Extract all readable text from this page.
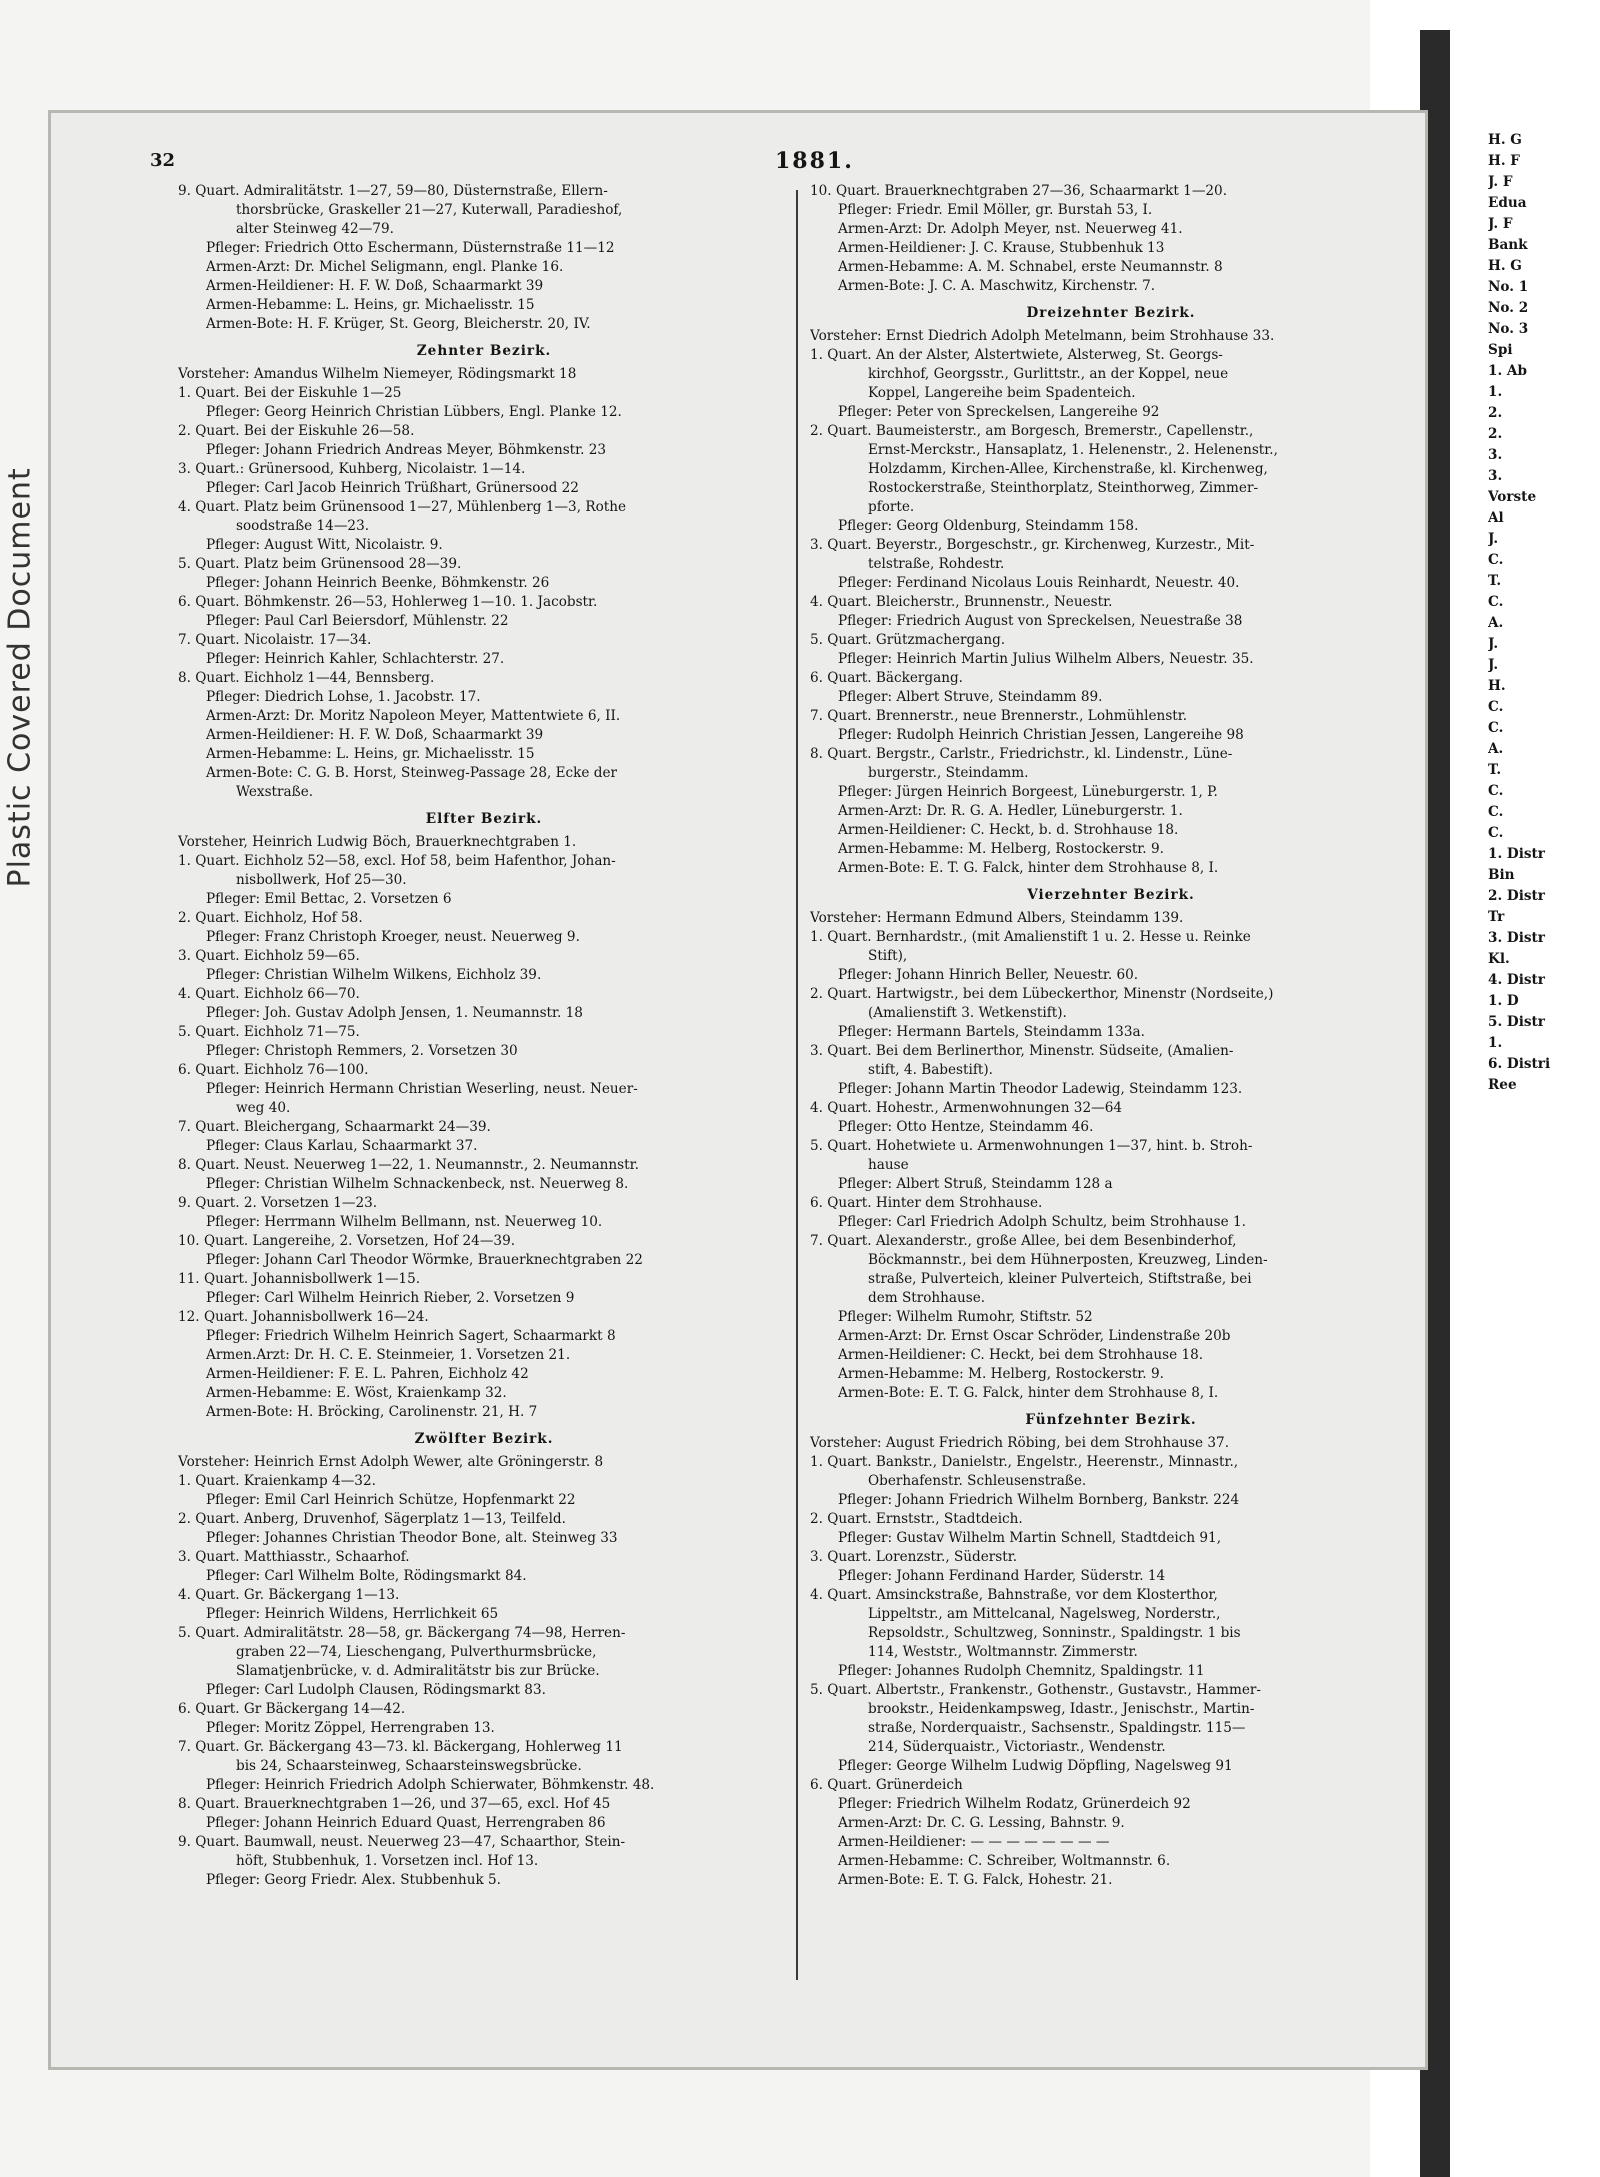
Plastic Covered Document
32	1881.
9. Quart. Admiralitätstr. 1—27, 59—80, Düsternstraße, Ellern-
thorsbrücke, Graskeller 21—27, Kuterwall, Paradieshof,
alter Steinweg 42—79.
Pfleger: Friedrich Otto Eschermann, Düsternstraße 11—12
Armen-Arzt: Dr. Michel Seligmann, engl. Planke 16.
Armen-Heildiener: H. F. W. Doß, Schaarmarkt 39
Armen-Hebamme: L. Heins, gr. Michaelisstr. 15
Armen-Bote: H. F. Krüger, St. Georg, Bleicherstr. 20, IV.
Zehnter Bezirk.
Vorsteher: Amandus Wilhelm Niemeyer, Rödingsmarkt 18
1. Quart. Bei der Eiskuhle 1—25
Pfleger: Georg Heinrich Christian Lübbers, Engl. Planke 12.
2. Quart. Bei der Eiskuhle 26—58.
Pfleger: Johann Friedrich Andreas Meyer, Böhmkenstr. 23
3. Quart.: Grünersood, Kuhberg, Nicolaistr. 1—14.
Pfleger: Carl Jacob Heinrich Trüßhart, Grünersood 22
4. Quart. Platz beim Grünensood 1—27, Mühlenberg 1—3, Rothe
soodstraße 14—23.
Pfleger: August Witt, Nicolaistr. 9.
5. Quart. Platz beim Grünensood 28—39.
Pfleger: Johann Heinrich Beenke, Böhmkenstr. 26
6. Quart. Böhmkenstr. 26—53, Hohlerweg 1—10. 1. Jacobstr.
Pfleger: Paul Carl Beiersdorf, Mühlenstr. 22
7. Quart. Nicolaistr. 17—34.
Pfleger: Heinrich Kahler, Schlachterstr. 27.
8. Quart. Eichholz 1—44, Bennsberg.
Pfleger: Diedrich Lohse, 1. Jacobstr. 17.
Armen-Arzt: Dr. Moritz Napoleon Meyer, Mattentwiete 6, II.
Armen-Heildiener: H. F. W. Doß, Schaarmarkt 39
Armen-Hebamme: L. Heins, gr. Michaelisstr. 15
Armen-Bote: C. G. B. Horst, Steinweg-Passage 28, Ecke der
Wexstraße.
Elfter Bezirk.
Vorsteher, Heinrich Ludwig Böch, Brauerknechtgraben 1.
1. Quart. Eichholz 52—58, excl. Hof 58, beim Hafenthor, Johan-
nisbollwerk, Hof 25—30.
Pfleger: Emil Bettac, 2. Vorsetzen 6
2. Quart. Eichholz, Hof 58.
Pfleger: Franz Christoph Kroeger, neust. Neuerweg 9.
3. Quart. Eichholz 59—65.
Pfleger: Christian Wilhelm Wilkens, Eichholz 39.
4. Quart. Eichholz 66—70.
Pfleger: Joh. Gustav Adolph Jensen, 1. Neumannstr. 18
5. Quart. Eichholz 71—75.
Pfleger: Christoph Remmers, 2. Vorsetzen 30
6. Quart. Eichholz 76—100.
Pfleger: Heinrich Hermann Christian Weserling, neust. Neuer-
weg 40.
7. Quart. Bleichergang, Schaarmarkt 24—39.
Pfleger: Claus Karlau, Schaarmarkt 37.
8. Quart. Neust. Neuerweg 1—22, 1. Neumannstr., 2. Neumannstr.
Pfleger: Christian Wilhelm Schnackenbeck, nst. Neuerweg 8.
9. Quart. 2. Vorsetzen 1—23.
Pfleger: Herrmann Wilhelm Bellmann, nst. Neuerweg 10.
10. Quart. Langereihe, 2. Vorsetzen, Hof 24—39.
Pfleger: Johann Carl Theodor Wörmke, Brauerknechtgraben 22
11. Quart. Johannisbollwerk 1—15.
Pfleger: Carl Wilhelm Heinrich Rieber, 2. Vorsetzen 9
12. Quart. Johannisbollwerk 16—24.
Pfleger: Friedrich Wilhelm Heinrich Sagert, Schaarmarkt 8
Armen.Arzt: Dr. H. C. E. Steinmeier, 1. Vorsetzen 21.
Armen-Heildiener: F. E. L. Pahren, Eichholz 42
Armen-Hebamme: E. Wöst, Kraienkamp 32.
Armen-Bote: H. Bröcking, Carolinenstr. 21, H. 7
Zwölfter Bezirk.
Vorsteher: Heinrich Ernst Adolph Wewer, alte Gröningerstr. 8
1. Quart. Kraienkamp 4—32.
Pfleger: Emil Carl Heinrich Schütze, Hopfenmarkt 22
2. Quart. Anberg, Druvenhof, Sägerplatz 1—13, Teilfeld.
Pfleger: Johannes Christian Theodor Bone, alt. Steinweg 33
3. Quart. Matthiasstr., Schaarhof.
Pfleger: Carl Wilhelm Bolte, Rödingsmarkt 84.
4. Quart. Gr. Bäckergang 1—13.
Pfleger: Heinrich Wildens, Herrlichkeit 65
5. Quart. Admiralitätstr. 28—58, gr. Bäckergang 74—98, Herren-
graben 22—74, Lieschengang, Pulverthurmsbrücke,
Slamatjenbrücke, v. d. Admiralitätstr bis zur Brücke.
Pfleger: Carl Ludolph Clausen, Rödingsmarkt 83.
6. Quart. Gr Bäckergang 14—42.
Pfleger: Moritz Zöppel, Herrengraben 13.
7. Quart. Gr. Bäckergang 43—73. kl. Bäckergang, Hohlerweg 11
bis 24, Schaarsteinweg, Schaarsteinswegsbrücke.
Pfleger: Heinrich Friedrich Adolph Schierwater, Böhmkenstr. 48.
8. Quart. Brauerknechtgraben 1—26, und 37—65, excl. Hof 45
Pfleger: Johann Heinrich Eduard Quast, Herrengraben 86
9. Quart. Baumwall, neust. Neuerweg 23—47, Schaarthor, Stein-
höft, Stubbenhuk, 1. Vorsetzen incl. Hof 13.
Pfleger: Georg Friedr. Alex. Stubbenhuk 5.
10. Quart. Brauerknechtgraben 27—36, Schaarmarkt 1—20.
Pfleger: Friedr. Emil Möller, gr. Burstah 53, I.
Armen-Arzt: Dr. Adolph Meyer, nst. Neuerweg 41.
Armen-Heildiener: J. C. Krause, Stubbenhuk 13
Armen-Hebamme: A. M. Schnabel, erste Neumannstr. 8
Armen-Bote: J. C. A. Maschwitz, Kirchenstr. 7.
Dreizehnter Bezirk.
Vorsteher: Ernst Diedrich Adolph Metelmann, beim Strohhause 33.
1. Quart. An der Alster, Alstertwiete, Alsterweg, St. Georgs-
kirchhof, Georgsstr., Gurlittstr., an der Koppel, neue
Koppel, Langereihe beim Spadenteich.
Pfleger: Peter von Spreckelsen, Langereihe 92
2. Quart. Baumeisterstr., am Borgesch, Bremerstr., Capellenstr.,
Ernst-Merckstr., Hansaplatz, 1. Helenenstr., 2. Helenenstr.,
Holzdamm, Kirchen-Allee, Kirchenstraße, kl. Kirchenweg,
Rostockerstraße, Steinthorplatz, Steinthorweg, Zimmer-
pforte.
Pfleger: Georg Oldenburg, Steindamm 158.
3. Quart. Beyerstr., Borgeschstr., gr. Kirchenweg, Kurzestr., Mit-
telstraße, Rohdestr.
Pfleger: Ferdinand Nicolaus Louis Reinhardt, Neuestr. 40.
4. Quart. Bleicherstr., Brunnenstr., Neuestr.
Pfleger: Friedrich August von Spreckelsen, Neuestraße 38
5. Quart. Grützmachergang.
Pfleger: Heinrich Martin Julius Wilhelm Albers, Neuestr. 35.
6. Quart. Bäckergang.
Pfleger: Albert Struve, Steindamm 89.
7. Quart. Brennerstr., neue Brennerstr., Lohmühlenstr.
Pfleger: Rudolph Heinrich Christian Jessen, Langereihe 98
8. Quart. Bergstr., Carlstr., Friedrichstr., kl. Lindenstr., Lüne-
burgerstr., Steindamm.
Pfleger: Jürgen Heinrich Borgeest, Lüneburgerstr. 1, P.
Armen-Arzt: Dr. R. G. A. Hedler, Lüneburgerstr. 1.
Armen-Heildiener: C. Heckt, b. d. Strohhause 18.
Armen-Hebamme: M. Helberg, Rostockerstr. 9.
Armen-Bote: E. T. G. Falck, hinter dem Strohhause 8, I.
Vierzehnter Bezirk.
Vorsteher: Hermann Edmund Albers, Steindamm 139.
1. Quart. Bernhardstr., (mit Amalienstift 1 u. 2. Hesse u. Reinke
Stift),
Pfleger: Johann Hinrich Beller, Neuestr. 60.
2. Quart. Hartwigstr., bei dem Lübeckerthor, Minenstr (Nordseite,)
(Amalienstift 3. Wetkenstift).
Pfleger: Hermann Bartels, Steindamm 133a.
3. Quart. Bei dem Berlinerthor, Minenstr. Südseite, (Amalien-
stift, 4. Babestift).
Pfleger: Johann Martin Theodor Ladewig, Steindamm 123.
4. Quart. Hohestr., Armenwohnungen 32—64
Pfleger: Otto Hentze, Steindamm 46.
5. Quart. Hohetwiete u. Armenwohnungen 1—37, hint. b. Stroh-
hause
Pfleger: Albert Struß, Steindamm 128 a
6. Quart. Hinter dem Strohhause.
Pfleger: Carl Friedrich Adolph Schultz, beim Strohhause 1.
7. Quart. Alexanderstr., große Allee, bei dem Besenbinderhof,
Böckmannstr., bei dem Hühnerposten, Kreuzweg, Linden-
straße, Pulverteich, kleiner Pulverteich, Stiftstraße, bei
dem Strohhause.
Pfleger: Wilhelm Rumohr, Stiftstr. 52
Armen-Arzt: Dr. Ernst Oscar Schröder, Lindenstraße 20b
Armen-Heildiener: C. Heckt, bei dem Strohhause 18.
Armen-Hebamme: M. Helberg, Rostockerstr. 9.
Armen-Bote: E. T. G. Falck, hinter dem Strohhause 8, I.
Fünfzehnter Bezirk.
Vorsteher: August Friedrich Röbing, bei dem Strohhause 37.
1. Quart. Bankstr., Danielstr., Engelstr., Heerenstr., Minnastr.,
Oberhafenstr. Schleusenstraße.
Pfleger: Johann Friedrich Wilhelm Bornberg, Bankstr. 224
2. Quart. Ernststr., Stadtdeich.
Pfleger: Gustav Wilhelm Martin Schnell, Stadtdeich 91,
3. Quart. Lorenzstr., Süderstr.
Pfleger: Johann Ferdinand Harder, Süderstr. 14
4. Quart. Amsinckstraße, Bahnstraße, vor dem Klosterthor,
Lippeltstr., am Mittelcanal, Nagelsweg, Norderstr.,
Repsoldstr., Schultzweg, Sonninstr., Spaldingstr. 1 bis
114, Weststr., Woltmannstr. Zimmerstr.
Pfleger: Johannes Rudolph Chemnitz, Spaldingstr. 11
5. Quart. Albertstr., Frankenstr., Gothenstr., Gustavstr., Hammer-
brookstr., Heidenkampsweg, Idastr., Jenischstr., Martin-
straße, Norderquaistr., Sachsenstr., Spaldingstr. 115—
214, Süderquaistr., Victoriastr., Wendenstr.
Pfleger: George Wilhelm Ludwig Döpfling, Nagelsweg 91
6. Quart. Grünerdeich
Pfleger: Friedrich Wilhelm Rodatz, Grünerdeich 92
Armen-Arzt: Dr. C. G. Lessing, Bahnstr. 9.
Armen-Heildiener: — — — — — — — —
Armen-Hebamme: C. Schreiber, Woltmannstr. 6.
Armen-Bote: E. T. G. Falck, Hohestr. 21.
H. G
H. F
J. F
Edua
J. F
Bank
H. G
No. 1
No. 2
No. 3
Spi
1. Ab
1.
2.
2.
3.
3.
Vorste
Al
J.
C.
T.
C.
A.
J.
J.
H.
C.
C.
A.
T.
C.
C.
C.
1. Distr
Bin
2. Distr
Tr
3. Distr
Kl.
4. Distr
1. D
5. Distr
1.
6. Distri
Ree
